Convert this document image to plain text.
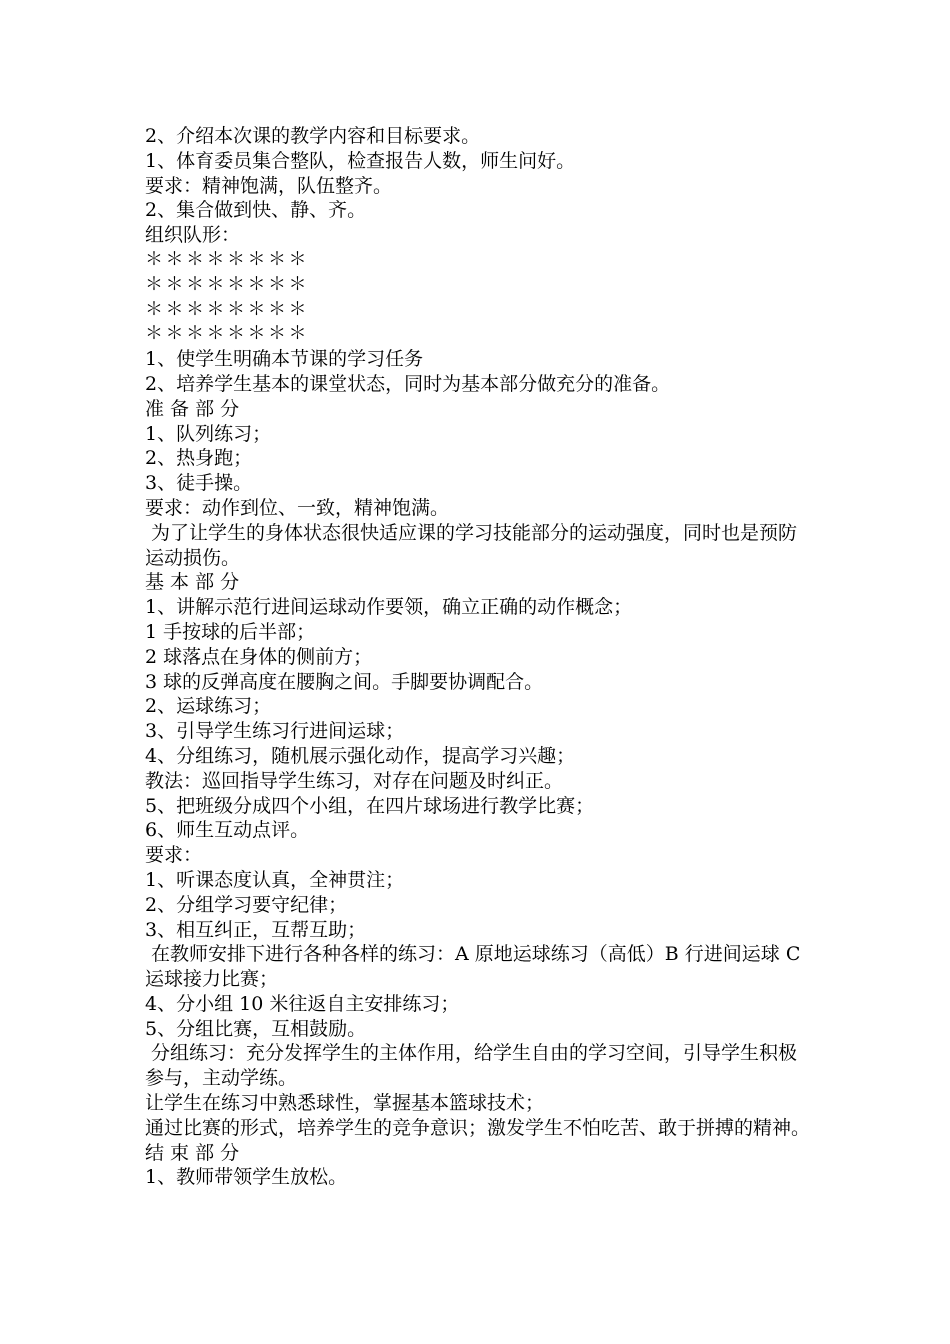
2、介绍本次课的教学内容和目标要求。

1、体育委员集合整队，检查报告人数，师生问好。

要求：精神饱满，队伍整齐。

2、集合做到快、静、齐。

组织队形：

＊＊＊＊＊＊＊＊

＊＊＊＊＊＊＊＊

＊＊＊＊＊＊＊＊

＊＊＊＊＊＊＊＊

1、使学生明确本节课的学习任务

2、培养学生基本的课堂状态，同时为基本部分做充分的准备。

准 备 部 分

1、队列练习；

2、热身跑；

3、徒手操。

要求：动作到位、一致，精神饱满。

为了让学生的身体状态很快适应课的学习技能部分的运动强度，同时也是预防运动损伤。

基 本 部 分

1、讲解示范行进间运球动作要领，确立正确的动作概念；

1 手按球的后半部；

2 球落点在身体的侧前方；

3 球的反弹高度在腰胸之间。手脚要协调配合。

2、运球练习；

3、引导学生练习行进间运球；

4、分组练习，随机展示强化动作，提高学习兴趣；

教法：巡回指导学生练习，对存在问题及时纠正。

5、把班级分成四个小组，在四片球场进行教学比赛；

6、师生互动点评。

要求：

1、听课态度认真，全神贯注；

2、分组学习要守纪律；

3、相互纠正，互帮互助；

在教师安排下进行各种各样的练习：A 原地运球练习（高低）B 行进间运球 C 运球接力比赛；

4、分小组 10 米往返自主安排练习；

5、分组比赛，互相鼓励。

分组练习：充分发挥学生的主体作用，给学生自由的学习空间，引导学生积极参与，主动学练。

让学生在练习中熟悉球性，掌握基本篮球技术；

通过比赛的形式，培养学生的竞争意识；激发学生不怕吃苦、敢于拼搏的精神。

结 束 部 分

1、教师带领学生放松。
